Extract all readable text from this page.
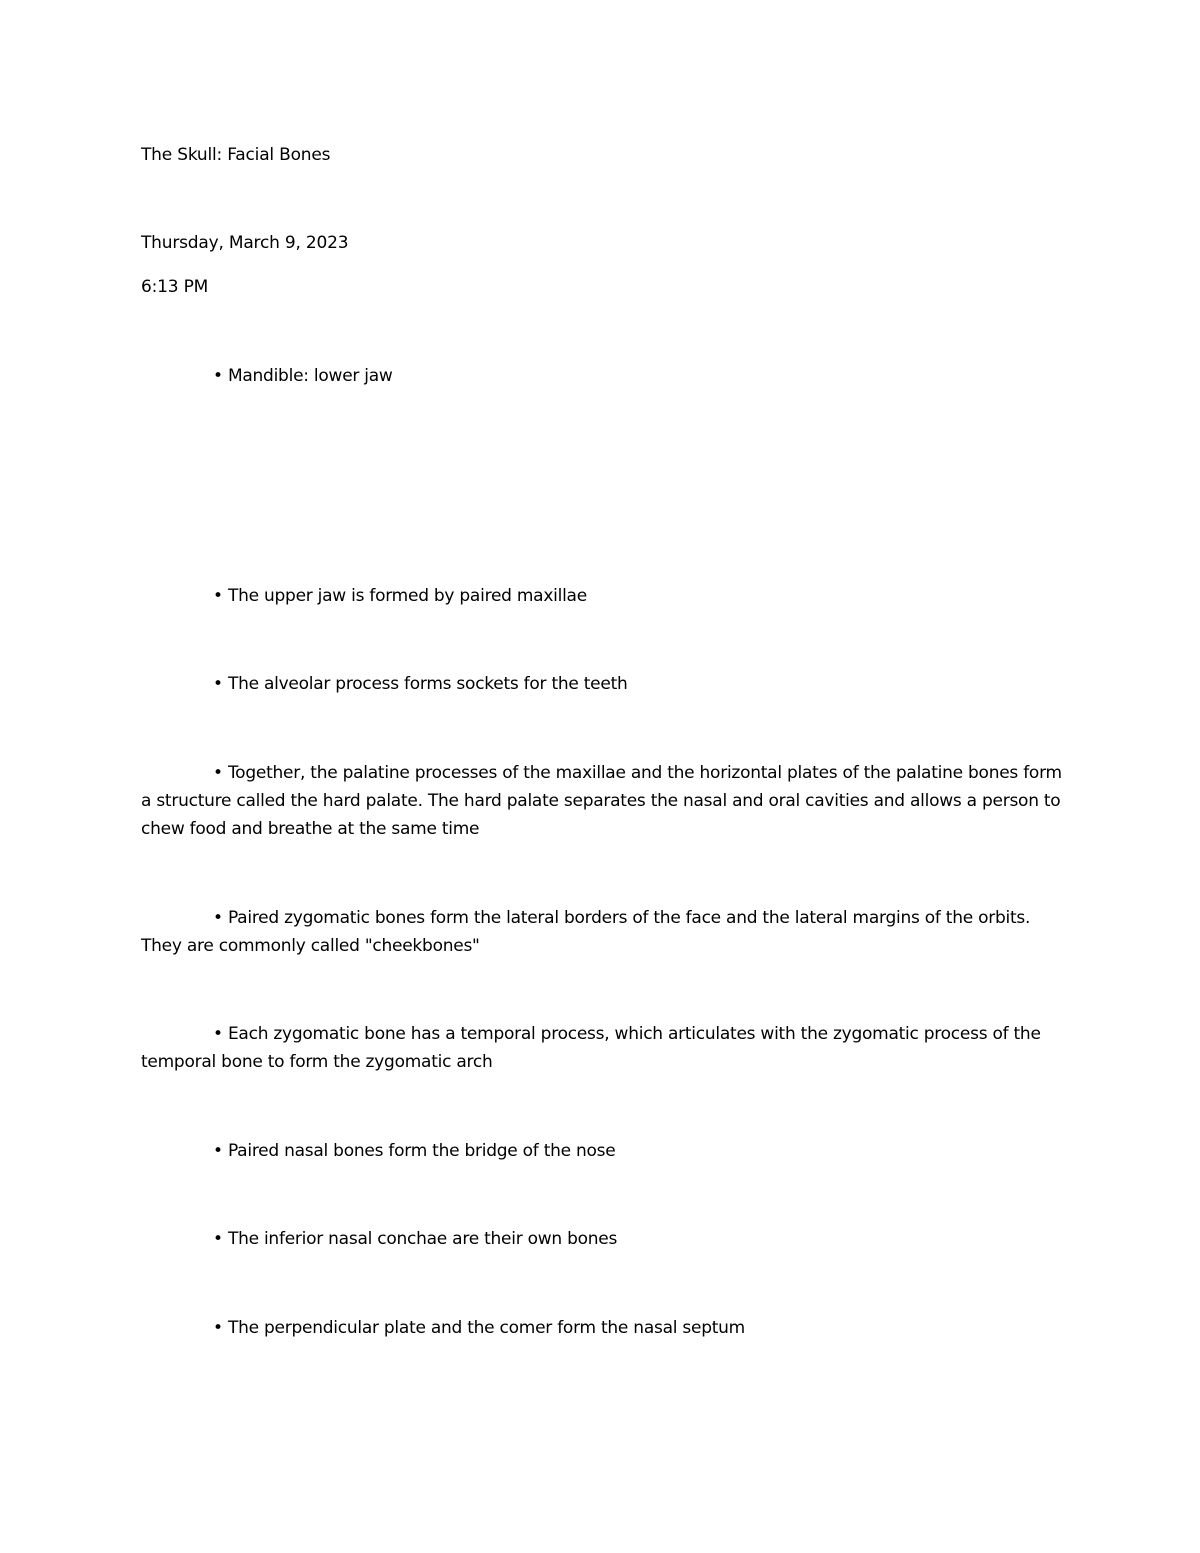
The Skull: Facial Bones
Thursday, March 9, 2023
6:13 PM
• Mandible: lower jaw
• The upper jaw is formed by paired maxillae
• The alveolar process forms sockets for the teeth
• Together, the palatine processes of the maxillae and the horizontal plates of the palatine bones form a structure called the hard palate. The hard palate separates the nasal and oral cavities and allows a person to chew food and breathe at the same time
• Paired zygomatic bones form the lateral borders of the face and the lateral margins of the orbits. They are commonly called "cheekbones"
• Each zygomatic bone has a temporal process, which articulates with the zygomatic process of the temporal bone to form the zygomatic arch
• Paired nasal bones form the bridge of the nose
• The inferior nasal conchae are their own bones
• The perpendicular plate and the comer form the nasal septum
